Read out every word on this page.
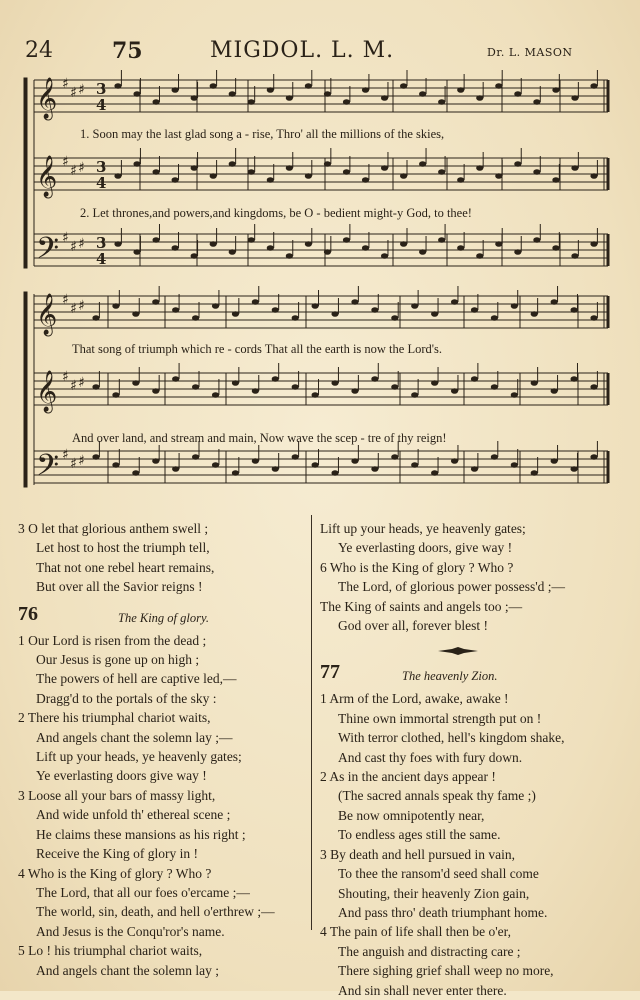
24	75	MIGDOL. L. M.	Dr. L. MASON
𝄞 ♯
♯ ♯ 3
4
𝄞 ♯
♯ ♯ 3
4
𝄢 ♯
♯ ♯ 3
4
𝄞 ♯
♯ ♯
𝄞 ♯
♯ ♯
𝄢 ♯
♯ ♯
1. Soon may the last glad song a - rise, Thro' all the millions of the skies,
2. Let thrones,and powers,and kingdoms, be O - bedient might-y God, to thee!
That song of triumph which re - cords That all the earth is now the Lord's.
And over land, and stream and main, Now wave the scep - tre of thy reign!
3 O let that glorious anthem swell ;
Let host to host the triumph tell,
That not one rebel heart remains,
But over all the Savior reigns !
76	The King of glory.
1 Our Lord is risen from the dead ;
Our Jesus is gone up on high ;
The powers of hell are captive led,—
Dragg'd to the portals of the sky :
2 There his triumphal chariot waits,
And angels chant the solemn lay ;—
Lift up your heads, ye heavenly gates;
Ye everlasting doors give way !
3 Loose all your bars of massy light,
And wide unfold th' ethereal scene ;
He claims these mansions as his right ;
Receive the King of glory in !
4 Who is the King of glory ? Who ?
The Lord, that all our foes o'ercame ;—
The world, sin, death, and hell o'erthrew ;—
And Jesus is the Conqu'ror's name.
5 Lo ! his triumphal chariot waits,
And angels chant the solemn lay ;
Lift up your heads, ye heavenly gates;
Ye everlasting doors, give way !
6 Who is the King of glory ? Who ?
The Lord, of glorious power possess'd ;—
The King of saints and angels too ;—
God over all, forever blest !
77	The heavenly Zion.
1 Arm of the Lord, awake, awake !
Thine own immortal strength put on !
With terror clothed, hell's kingdom shake,
And cast thy foes with fury down.
2 As in the ancient days appear !
(The sacred annals speak thy fame ;)
Be now omnipotently near,
To endless ages still the same.
3 By death and hell pursued in vain,
To thee the ransom'd seed shall come
Shouting, their heavenly Zion gain,
And pass thro' death triumphant home.
4 The pain of life shall then be o'er,
The anguish and distracting care ;
There sighing grief shall weep no more,
And sin shall never enter there.
